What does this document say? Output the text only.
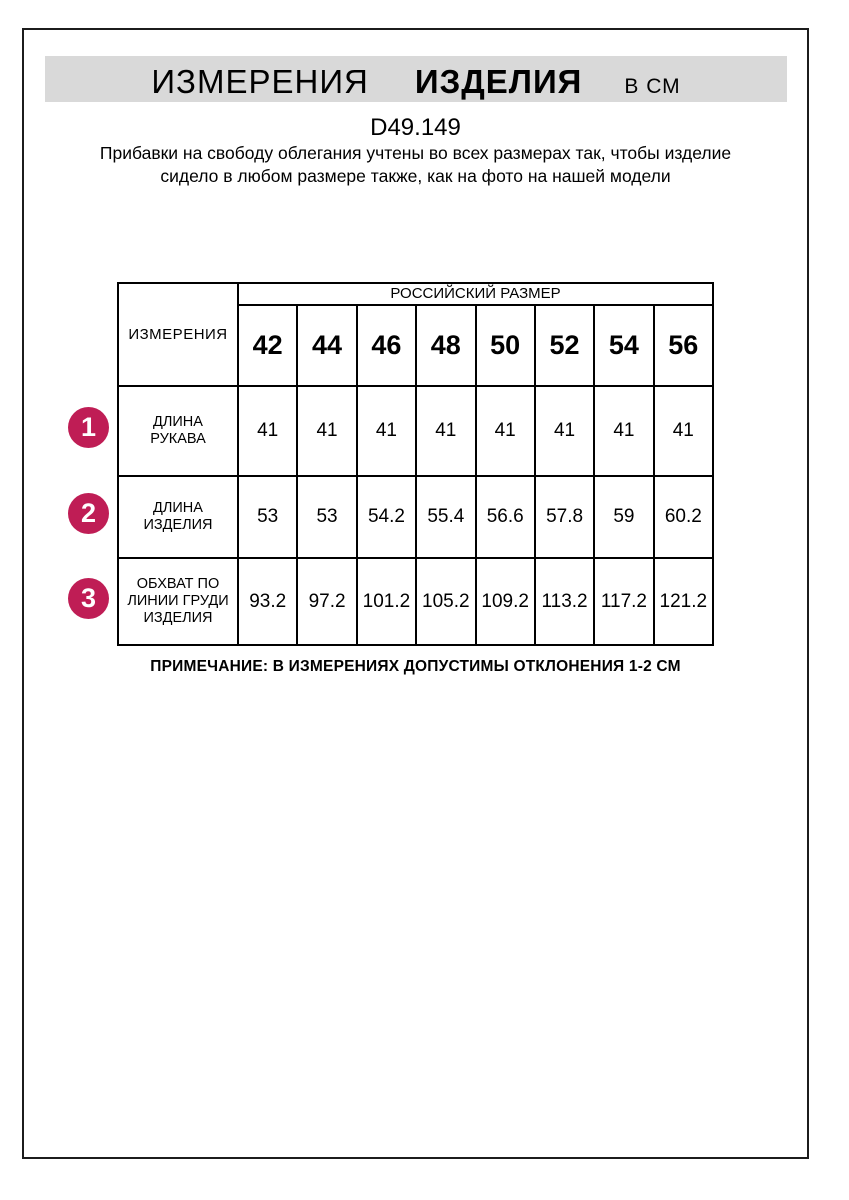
ИЗМЕРЕНИЯ ИЗДЕЛИЯ В СМ
D49.149
Прибавки на свободу облегания учтены во всех размерах так, чтобы изделие сидело в любом размере также, как на фото на нашей модели
ИЗМЕРЕНИЯ	РОССИЙСКИЙ РАЗМЕР							
	42	44	46	48	50	52	54	56
ДЛИНА РУКАВА	41	41	41	41	41	41	41	41
ДЛИНА ИЗДЕЛИЯ	53	53	54.2	55.4	56.6	57.8	59	60.2
ОБХВАТ ПО ЛИНИИ ГРУДИ ИЗДЕЛИЯ	93.2	97.2	101.2	105.2	109.2	113.2	117.2	121.2
1
2
3
ПРИМЕЧАНИЕ: В ИЗМЕРЕНИЯХ ДОПУСТИМЫ ОТКЛОНЕНИЯ 1-2 СМ
